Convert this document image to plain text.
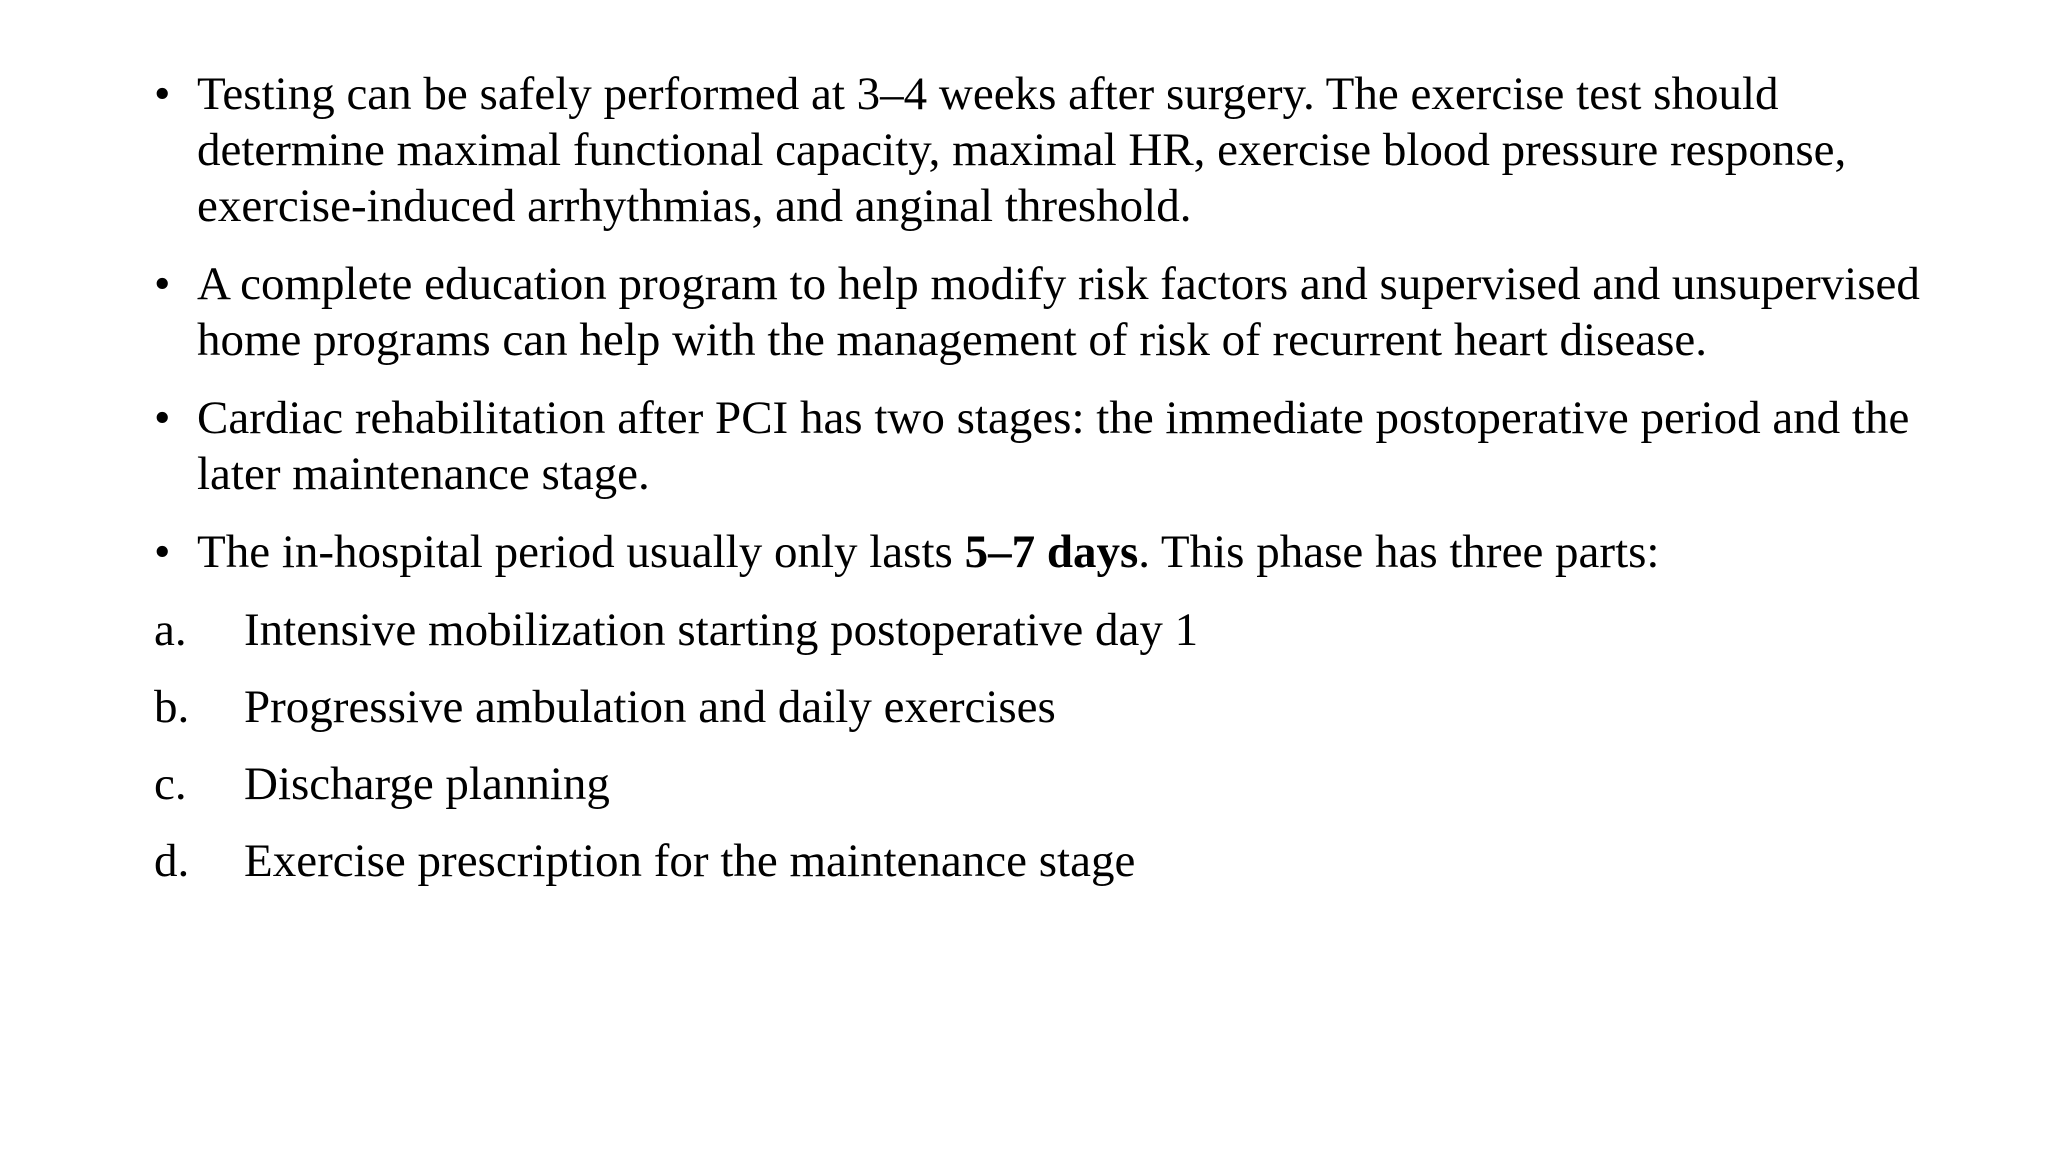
• Testing can be safely performed at 3–4 weeks after surgery. The exercise test should determine maximal functional capacity, maximal HR, exercise blood pressure response, exercise-induced arrhythmias, and anginal threshold.
• A complete education program to help modify risk factors and supervised and unsupervised home programs can help with the management of risk of recurrent heart disease.
• Cardiac rehabilitation after PCI has two stages: the immediate postoperative period and the later maintenance stage.
• The in-hospital period usually only lasts 5–7 days. This phase has three parts:
a. Intensive mobilization starting postoperative day 1
b. Progressive ambulation and daily exercises
c. Discharge planning
d. Exercise prescription for the maintenance stage
